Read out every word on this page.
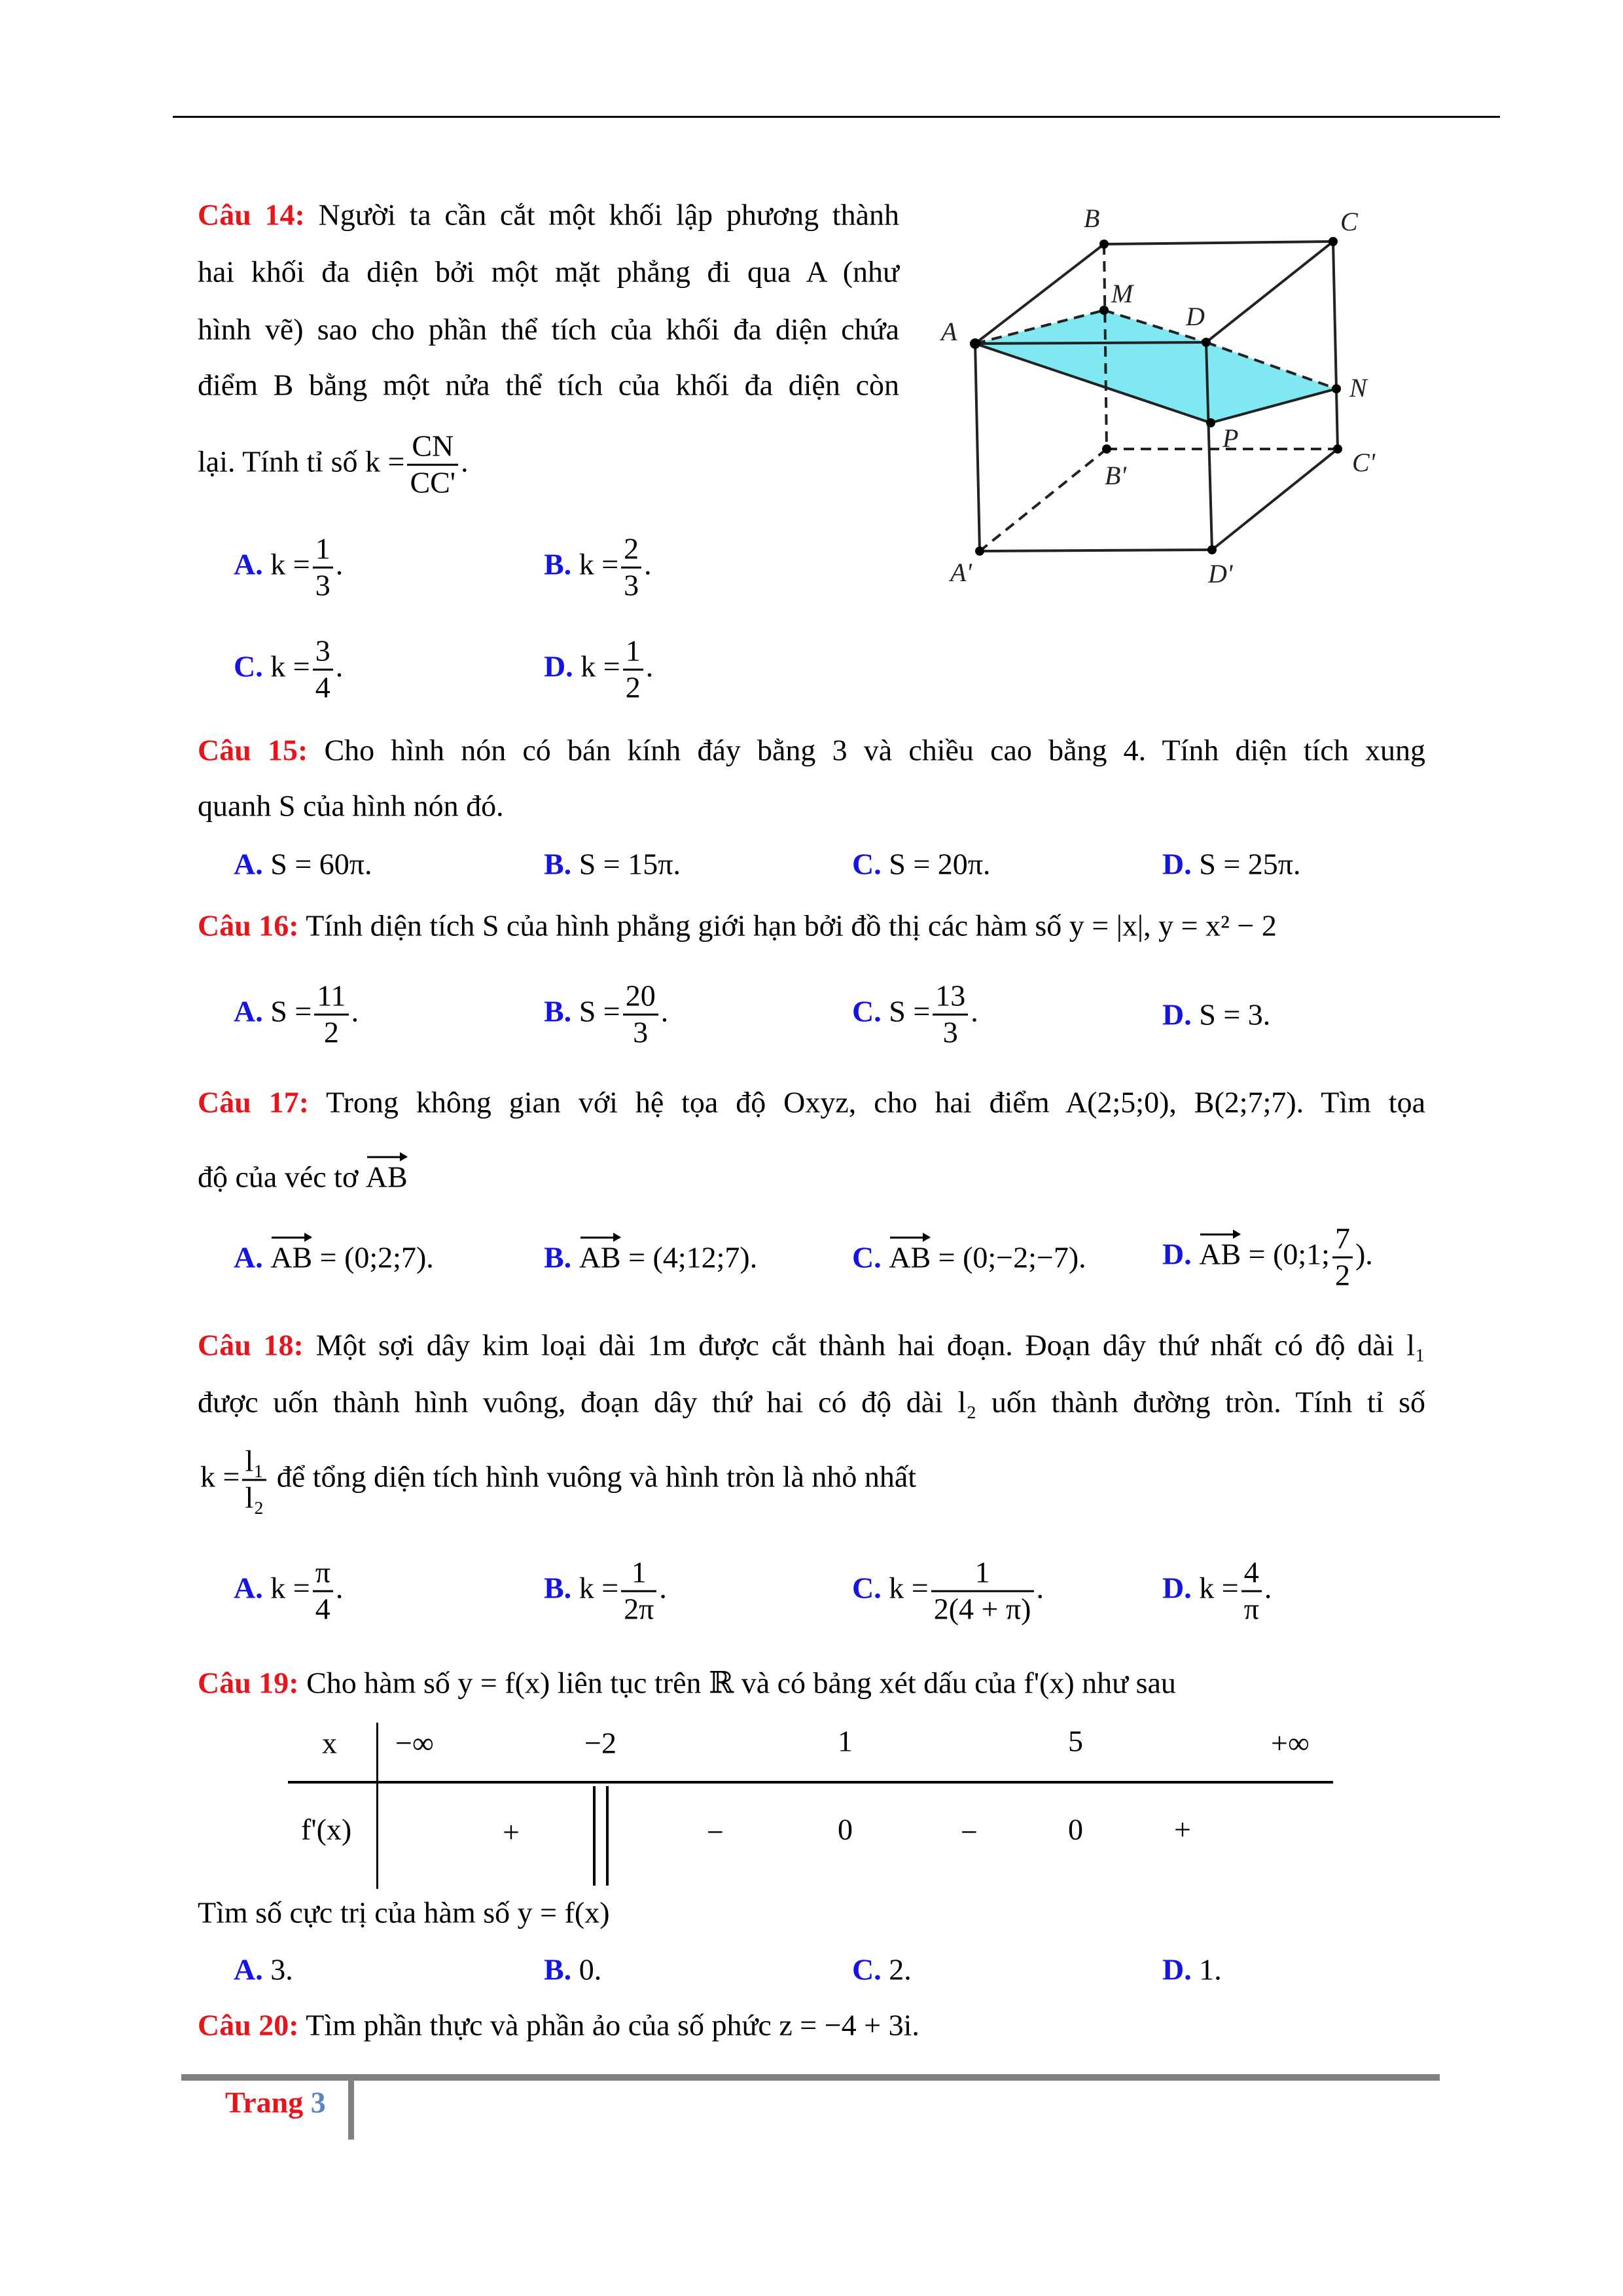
Câu 14: Người ta cần cắt một khối lập phương thành
hai khối đa diện bởi một mặt phẳng đi qua A (như
hình vẽ) sao cho phần thể tích của khối đa diện chứa
điểm B bằng một nửa thể tích của khối đa diện còn
lại. Tính tỉ số $k = \frac{CN}{CC'}$ .
A. $k = \frac{1}{3}$ .	B. $k = \frac{2}{3}$ .
C. $k = \frac{3}{4}$ .	D. $k = \frac{1}{2}$ .
B	C
M
D
A
N
P
C'
B'
A'	D'
Câu 15: Cho hình nón có bán kính đáy bằng 3 và chiều cao bằng 4. Tính diện tích xung
quanh S của hình nón đó.
A. S = 60π.	B. S = 15π.	C. S = 20π.	D. S = 25π.
Câu 16: Tính diện tích S của hình phẳng giới hạn bởi đồ thị các hàm số y = |x|, y = x² − 2
A. $S = \frac{11}{2}$ .	B. $S = \frac{20}{3}$ .	C. $S = \frac{13}{3}$ .	D. S = 3.
Câu 17: Trong không gian với hệ tọa độ Oxyz, cho hai điểm A(2;5;0), B(2;7;7). Tìm tọa
độ của véc tơ AB
A. AB = (0;2;7).	B. AB = (4;12;7).	C. AB = (0;−2;−7).	D. AB = (0;1; $\frac{7}{2}$ ).
Câu 18: Một sợi dây kim loại dài 1m được cắt thành hai đoạn. Đoạn dây thứ nhất có độ dài l₁
được uốn thành hình vuông, đoạn dây thứ hai có độ dài l₂ uốn thành đường tròn. Tính tỉ số
$k = \frac{\text{l₁}}{\text{l₂}}$ để tổng diện tích hình vuông và hình tròn là nhỏ nhất
A. $k = \frac{\pi}{4}$ .	B. $k = \frac{1}{2\pi}$ .	C. $k = \frac{1}{2(4 + \pi)}$ .	D. $k = \frac{4}{\pi}$ .
Câu 19: Cho hàm số y = f(x) liên tục trên ℝ và có bảng xét dấu của f'(x) như sau
x −∞	−2	1	5	+∞
f'(x)	+	−	0	−	0	+
Tìm số cực trị của hàm số y = f(x)
A. 3.	B. 0.	C. 2.	D. 1.
Câu 20: Tìm phần thực và phần ảo của số phức z = −4 + 3i.
Trang 3
